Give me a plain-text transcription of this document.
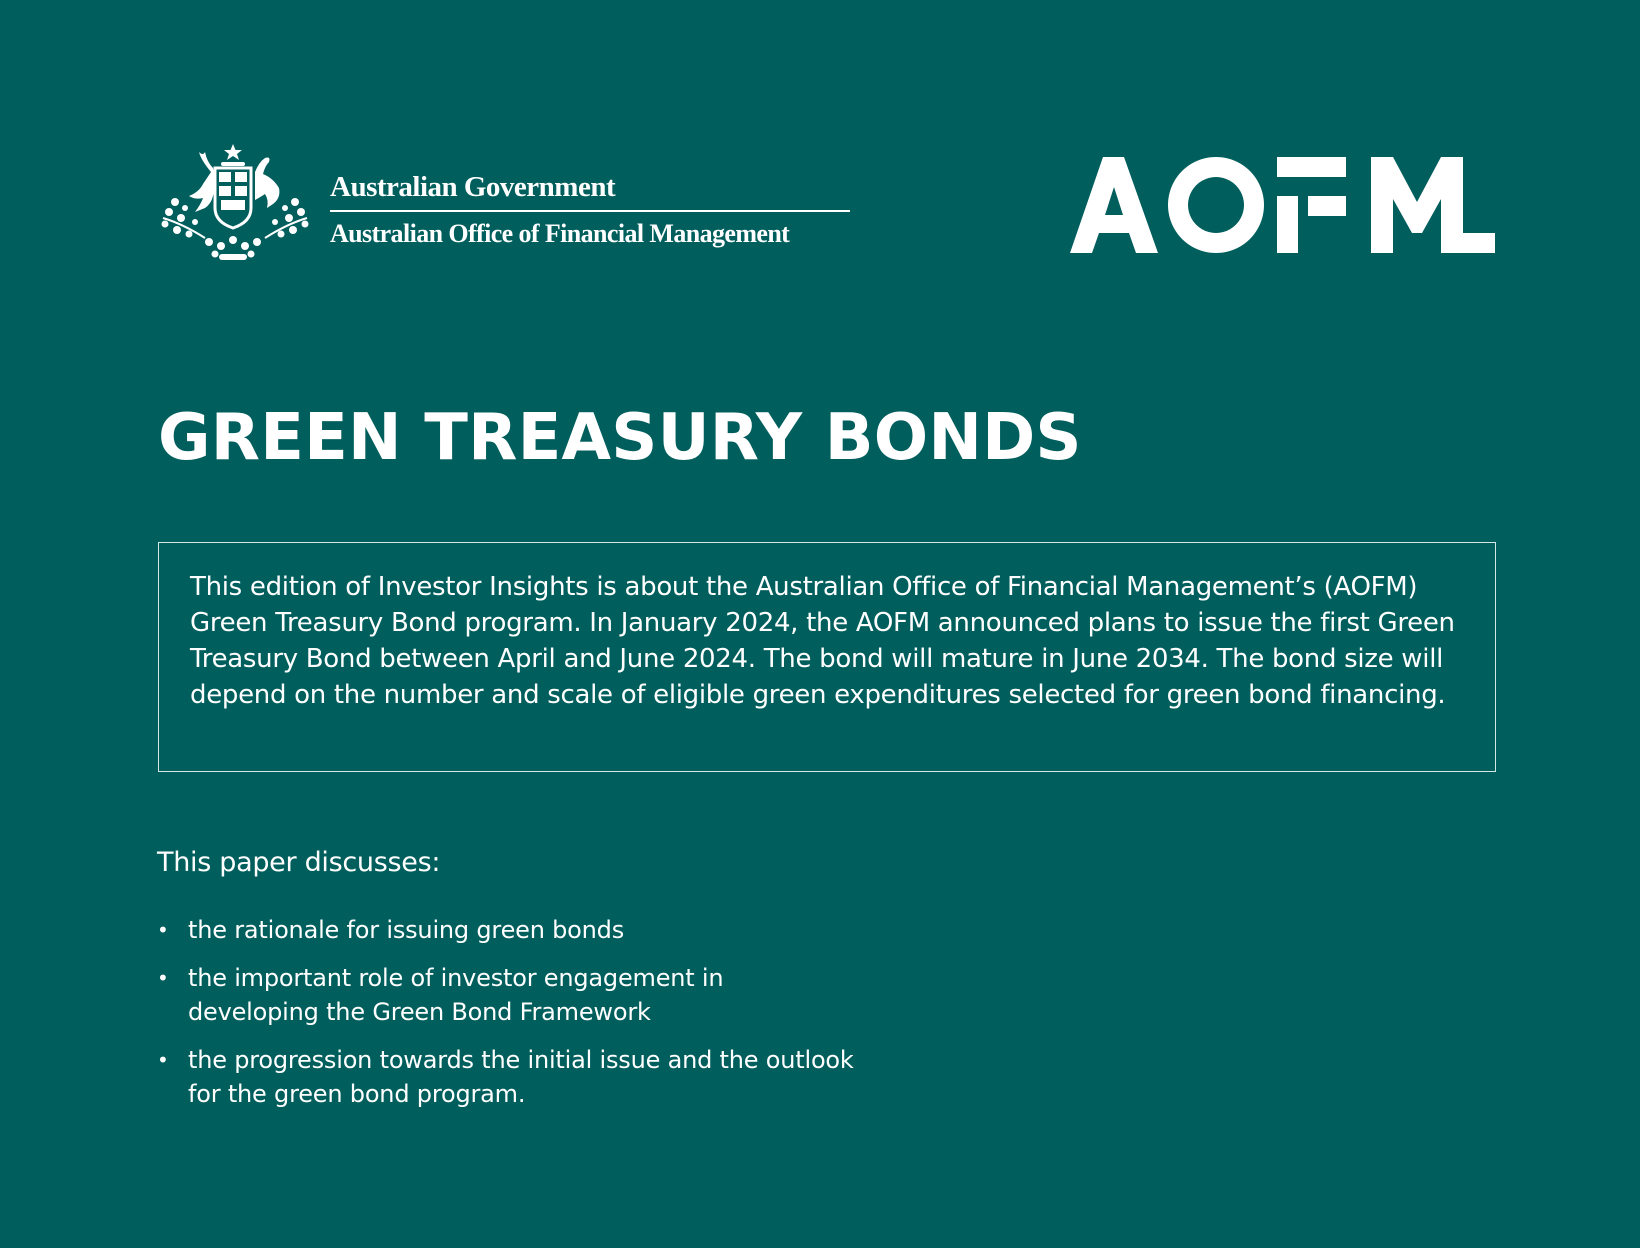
Australian Government
Australian Office of Financial Management
GREEN TREASURY BONDS

This edition of Investor Insights is about the Australian Office of Financial Management’s (AOFM) Green Treasury Bond program. In January 2024, the AOFM announced plans to issue the first Green Treasury Bond between April and June 2024. The bond will mature in June 2034. The bond size will depend on the number and scale of eligible green expenditures selected for green bond financing.

This paper discusses:

• the rationale for issuing green bonds
• the important role of investor engagement in developing the Green Bond Framework
• the progression towards the initial issue and the outlook for the green bond program.
